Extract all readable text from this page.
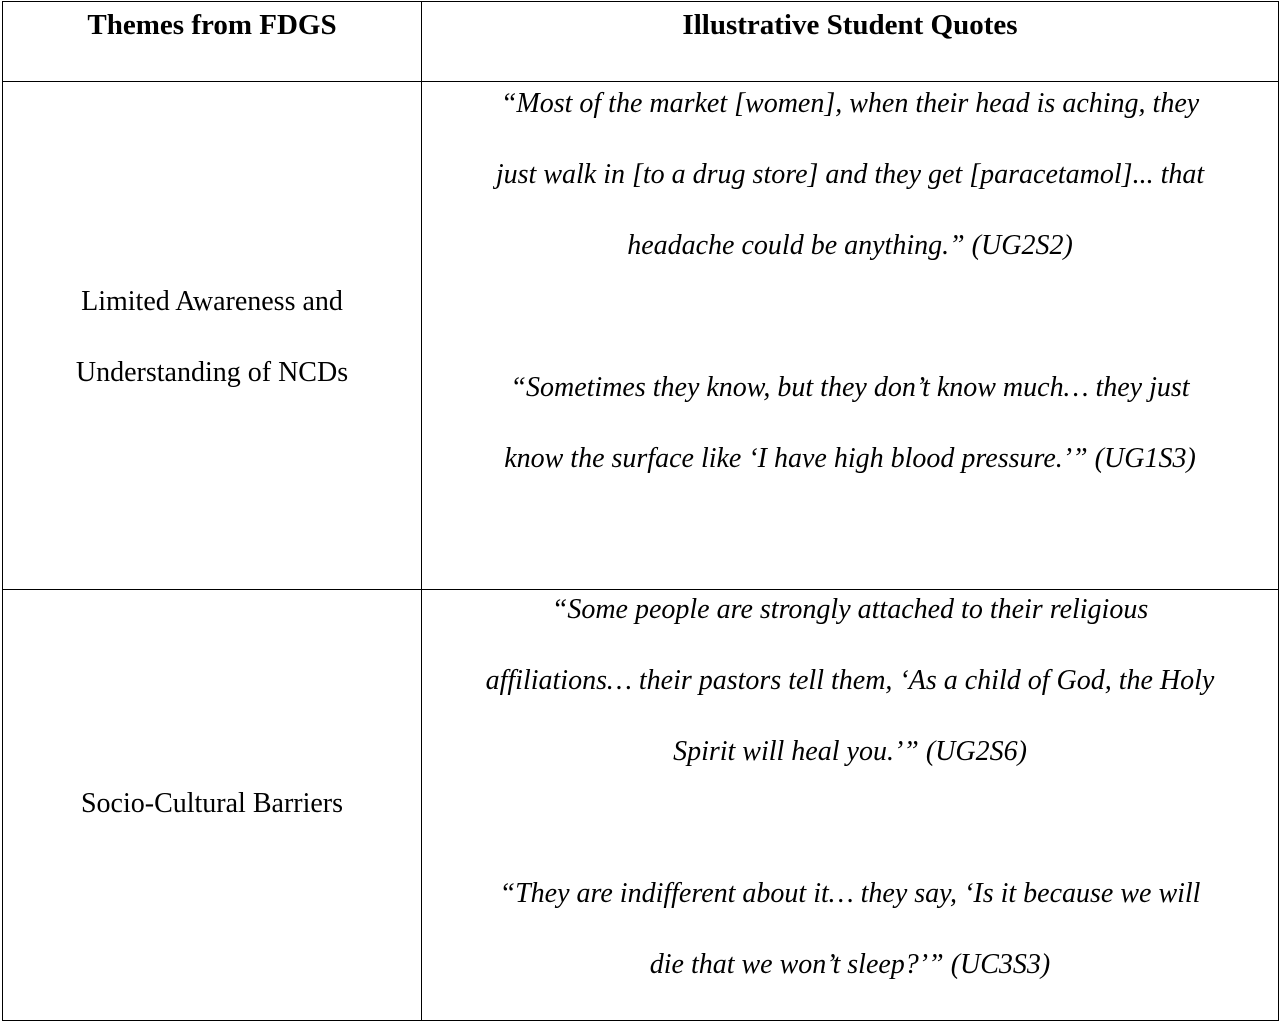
Themes from FDGS	Illustrative Student Quotes

Limited Awareness and
Understanding of NCDs	“Most of the market [women], when their head is aching, they
just walk in [to a drug store] and they get [paracetamol]... that
headache could be anything.” (UG2S2)
“Sometimes they know, but they don’t know much… they just
know the surface like ‘I have high blood pressure.’” (UG1S3)

Socio-Cultural Barriers	“Some people are strongly attached to their religious
affiliations… their pastors tell them, ‘As a child of God, the Holy
Spirit will heal you.’” (UG2S6)
“They are indifferent about it… they say, ‘Is it because we will
die that we won’t sleep?’” (UC3S3)
